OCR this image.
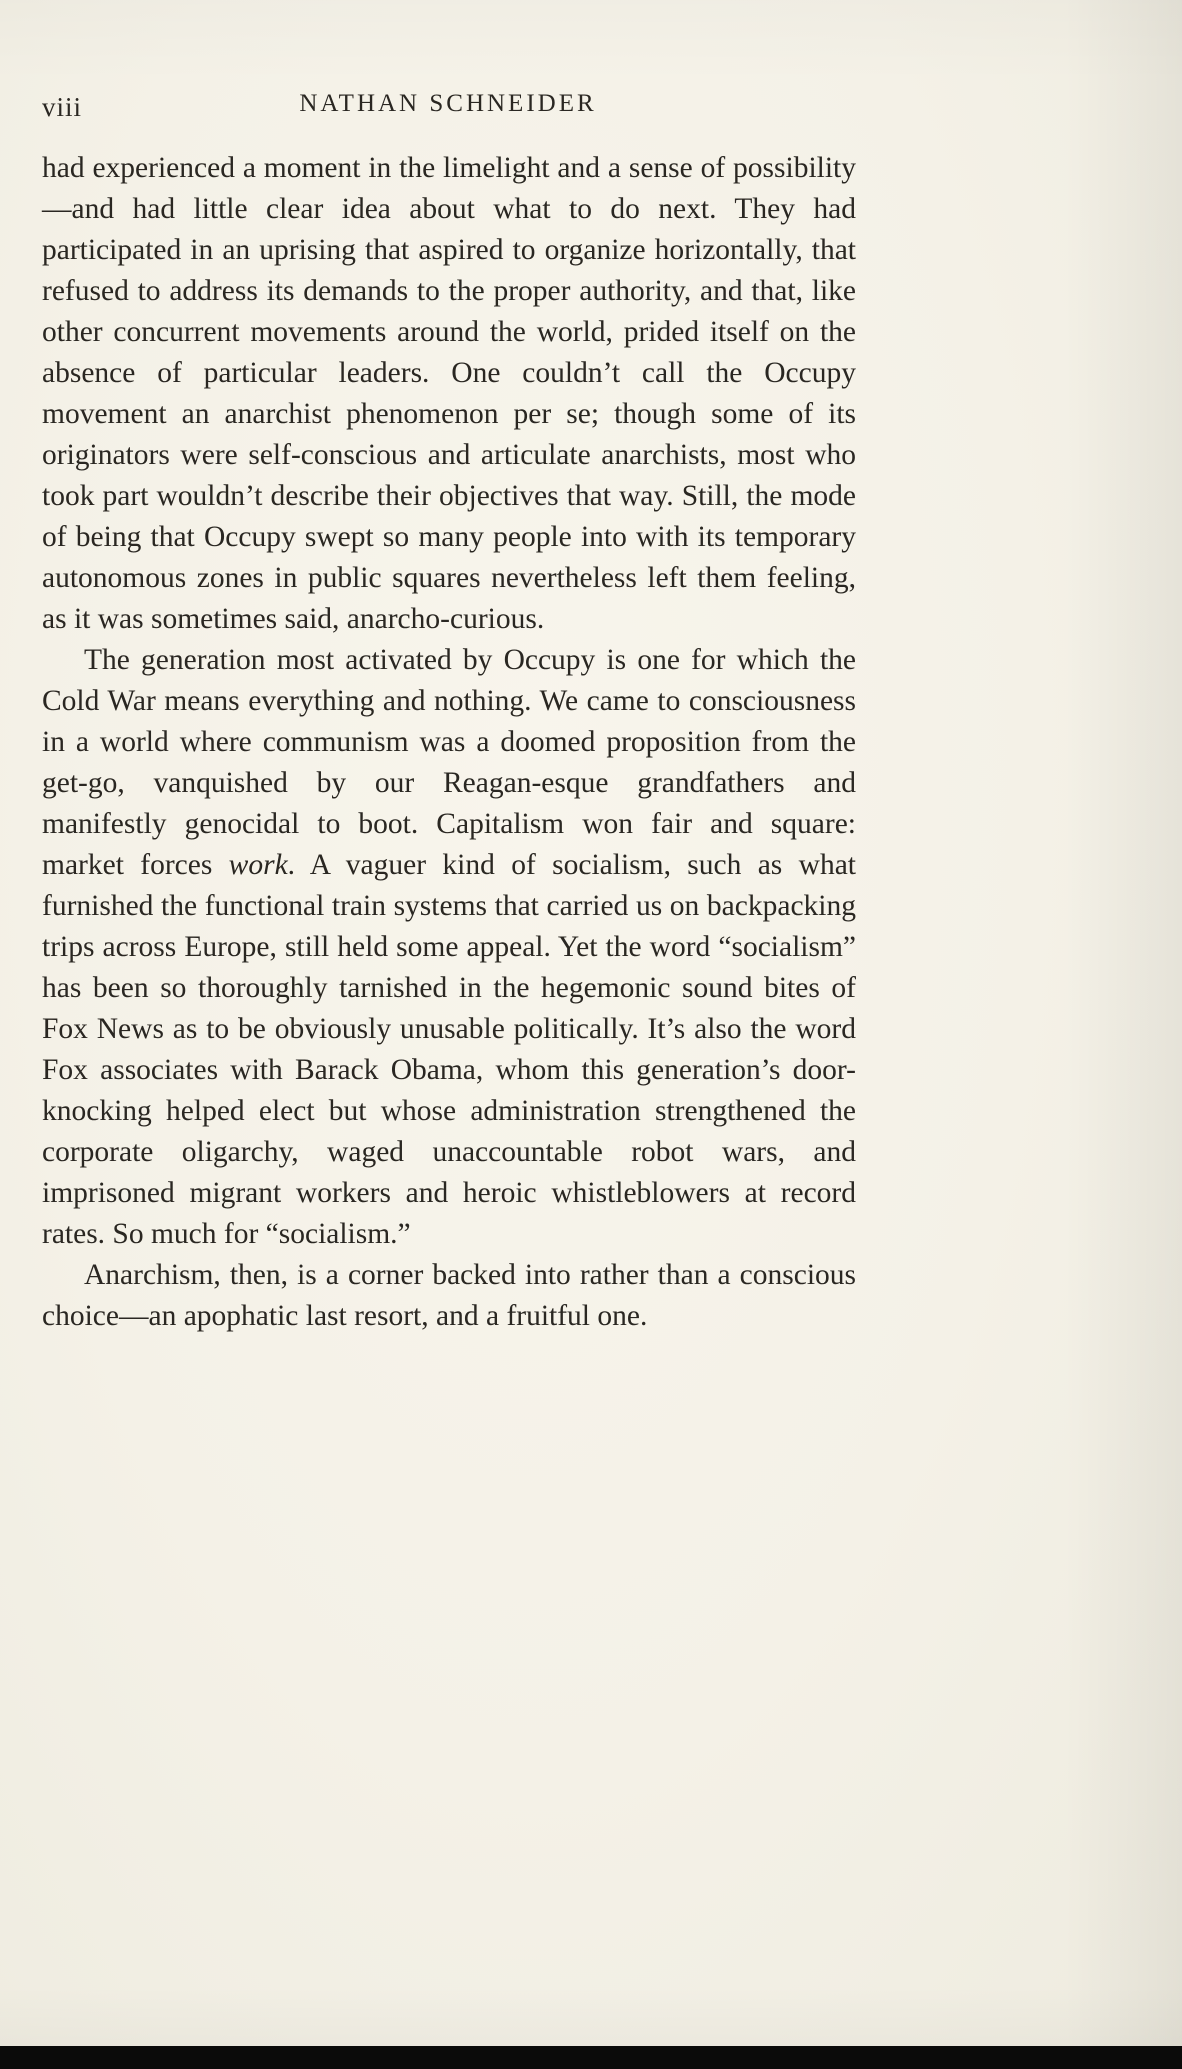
viii	NATHAN SCHNEIDER

had experienced a moment in the limelight and a sense of possibility—and had little clear idea about what to do next. They had participated in an uprising that aspired to organize horizontally, that refused to address its demands to the proper authority, and that, like other concurrent movements around the world, prided itself on the absence of particular leaders. One couldn’t call the Occupy movement an anarchist phenomenon per se; though some of its originators were self-conscious and articulate anarchists, most who took part wouldn’t describe their objectives that way. Still, the mode of being that Occupy swept so many people into with its temporary autonomous zones in public squares nevertheless left them feeling, as it was sometimes said, anarcho-curious.

The generation most activated by Occupy is one for which the Cold War means everything and nothing. We came to consciousness in a world where communism was a doomed proposition from the get-go, vanquished by our Reagan-esque grandfathers and manifestly genocidal to boot. Capitalism won fair and square: market forces work. A vaguer kind of socialism, such as what furnished the functional train systems that carried us on backpacking trips across Europe, still held some appeal. Yet the word “socialism” has been so thoroughly tarnished in the hegemonic sound bites of Fox News as to be obviously unusable politically. It’s also the word Fox associates with Barack Obama, whom this generation’s door-knocking helped elect but whose administration strengthened the corporate oligarchy, waged unaccountable robot wars, and imprisoned migrant workers and heroic whistleblowers at record rates. So much for “socialism.”

Anarchism, then, is a corner backed into rather than a conscious choice—an apophatic last resort, and a fruitful one.
